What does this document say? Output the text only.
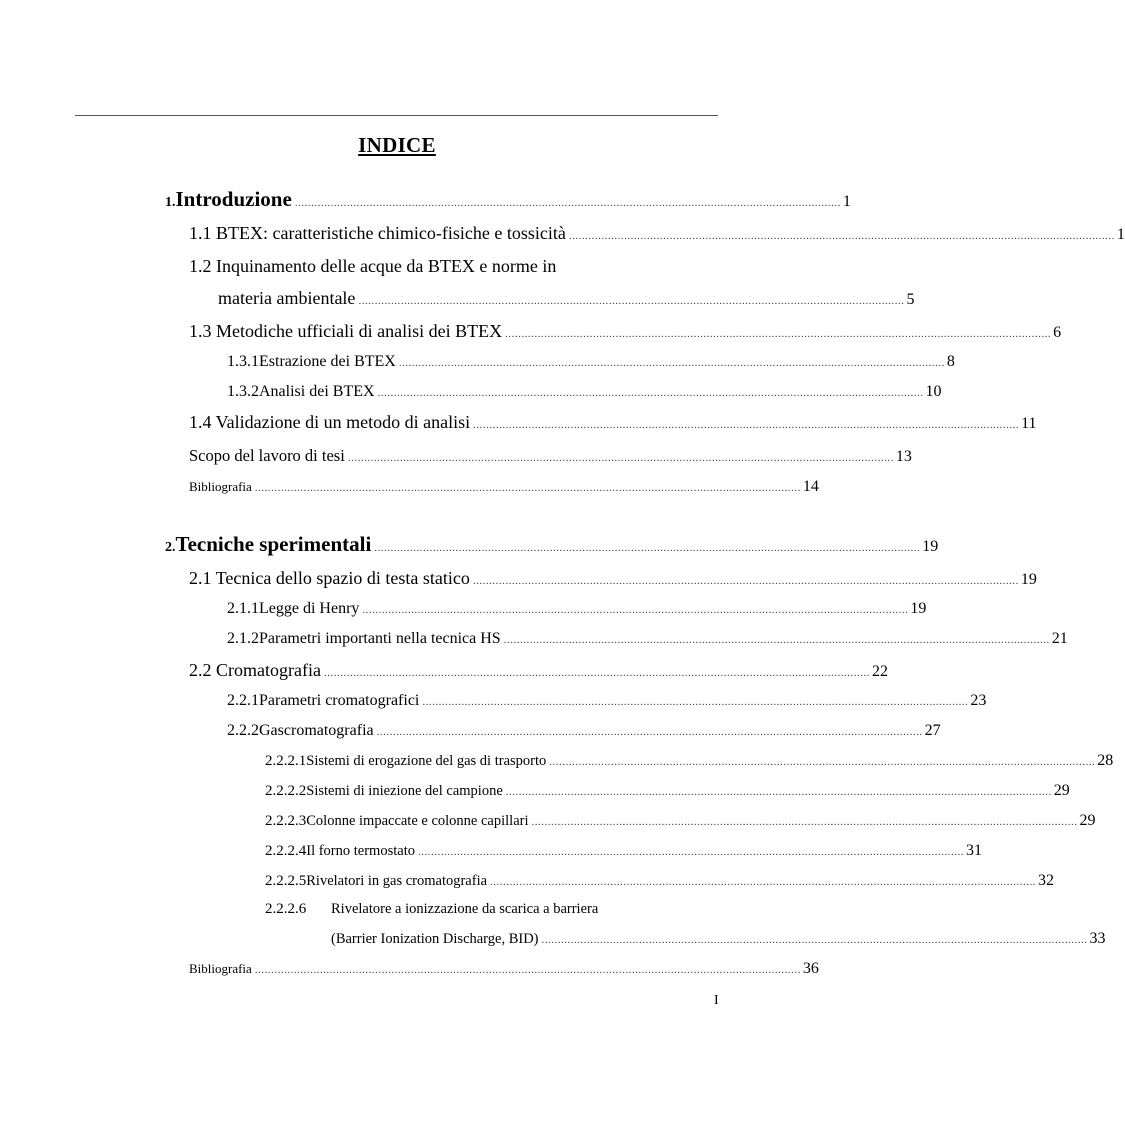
INDICE
1. Introduzione ........................................................................................................................................................................ 1
1.1 BTEX: caratteristiche chimico-fisiche e tossicità ........................................................................................................................................................................ 1
1.2 Inquinamento delle acque da BTEX e norme in
materia ambientale ........................................................................................................................................................................ 5
1.3 Metodiche ufficiali di analisi dei BTEX ........................................................................................................................................................................ 6
1.3.1 Estrazione dei BTEX ........................................................................................................................................................................ 8
1.3.2 Analisi dei BTEX ........................................................................................................................................................................ 10
1.4 Validazione di un metodo di analisi ........................................................................................................................................................................ 11
Scopo del lavoro di tesi ........................................................................................................................................................................ 13
Bibliografia ........................................................................................................................................................................ 14
2. Tecniche sperimentali ........................................................................................................................................................................ 19
2.1 Tecnica dello spazio di testa statico ........................................................................................................................................................................ 19
2.1.1 Legge di Henry ........................................................................................................................................................................ 19
2.1.2 Parametri importanti nella tecnica HS ........................................................................................................................................................................ 21
2.2 Cromatografia ........................................................................................................................................................................ 22
2.2.1 Parametri cromatografici ........................................................................................................................................................................ 23
2.2.2 Gascromatografia ........................................................................................................................................................................ 27
2.2.2.1 Sistemi di erogazione del gas di trasporto ........................................................................................................................................................................ 28
2.2.2.2 Sistemi di iniezione del campione ........................................................................................................................................................................ 29
2.2.2.3 Colonne impaccate e colonne capillari ........................................................................................................................................................................ 29
2.2.2.4 Il forno termostato ........................................................................................................................................................................ 31
2.2.2.5 Rivelatori in gas cromatografia ........................................................................................................................................................................ 32
2.2.2.6	Rivelatore a ionizzazione da scarica a barriera
(Barrier Ionization Discharge, BID) ........................................................................................................................................................................ 33
Bibliografia ........................................................................................................................................................................ 36
I
